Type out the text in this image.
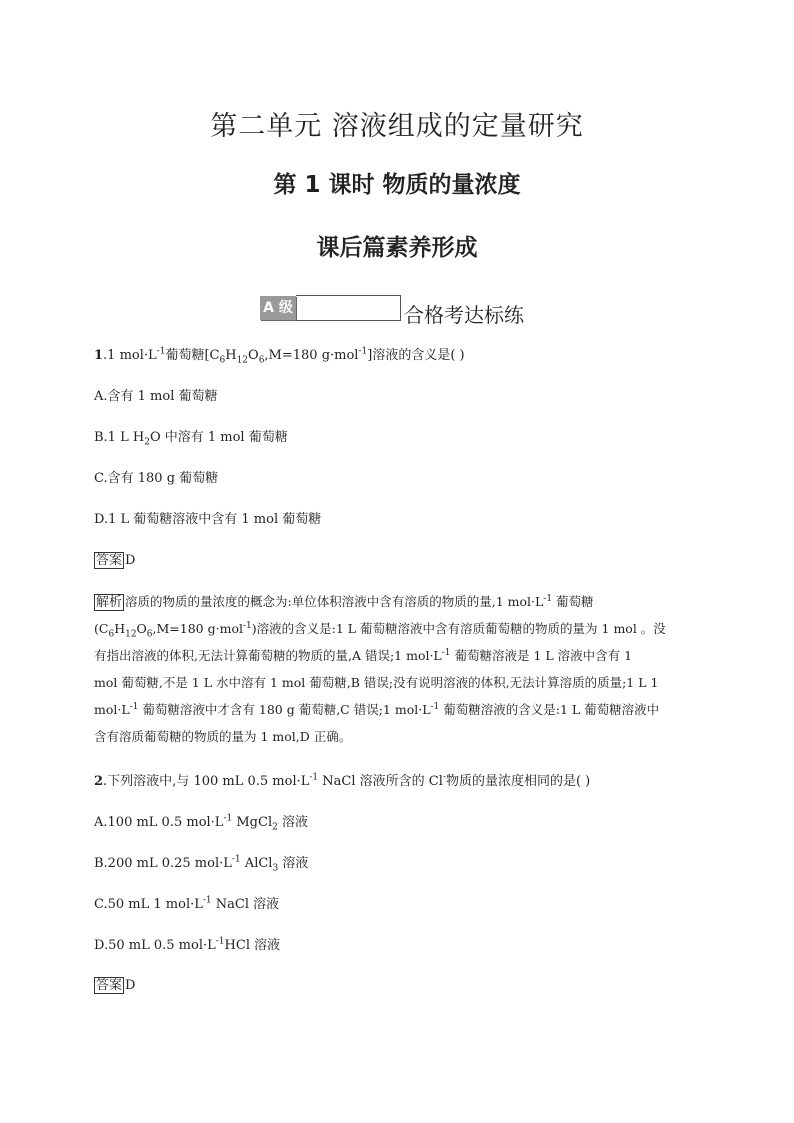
第二单元 溶液组成的定量研究
第 1 课时 物质的量浓度
课后篇素养形成
A 级	合格考达标练
1.1 $mol\cdot L^{-1}$葡萄糖[$C_6H_{12}O_6,M=180$ g·mol$^{-1}$]溶液的含义是( )
A.含有 1 mol 葡萄糖
B.1 L $H_2O$ 中溶有 1 mol 葡萄糖
C.含有 180 g 葡萄糖
D.1 L 葡萄糖溶液中含有 1 mol 葡萄糖
答案 D
解析 溶质的物质的量浓度的概念为:单位体积溶液中含有溶质的物质的量,1 $mol\cdot L^{-1}$ 葡萄糖
($C_6H_{12}O_6,M=180$ g·mol$^{-1}$)溶液的含义是:1 L 葡萄糖溶液中含有溶质葡萄糖的物质的量为 1 mol 。没
有指出溶液的体积,无法计算葡萄糖的物质的量,A 错误;1 $mol\cdot L^{-1}$ 葡萄糖溶液是 1 L 溶液中含有 1
mol 葡萄糖,不是 1 L 水中溶有 1 mol 葡萄糖,B 错误;没有说明溶液的体积,无法计算溶质的质量;1 L 1
$mol\cdot L^{-1}$ 葡萄糖溶液中才含有 180 g 葡萄糖,C 错误;1 $mol\cdot L^{-1}$ 葡萄糖溶液的含义是:1 L 葡萄糖溶液中
含有溶质葡萄糖的物质的量为 1 mol,D 正确。
2.下列溶液中,与 100 mL 0.5 $mol\cdot L^{-1}$ NaCl 溶液所含的 Cl-物质的量浓度相同的是( )
A.100 mL 0.5 $mol\cdot L^{-1}$ MgCl$_2$ 溶液
B.200 mL 0.25 $mol\cdot L^{-1}$ AlCl$_3$ 溶液
C.50 mL 1 $mol\cdot L^{-1}$ NaCl 溶液
D.50 mL 0.5 $mol\cdot L^{-1}HCl$ 溶液
答案 D
